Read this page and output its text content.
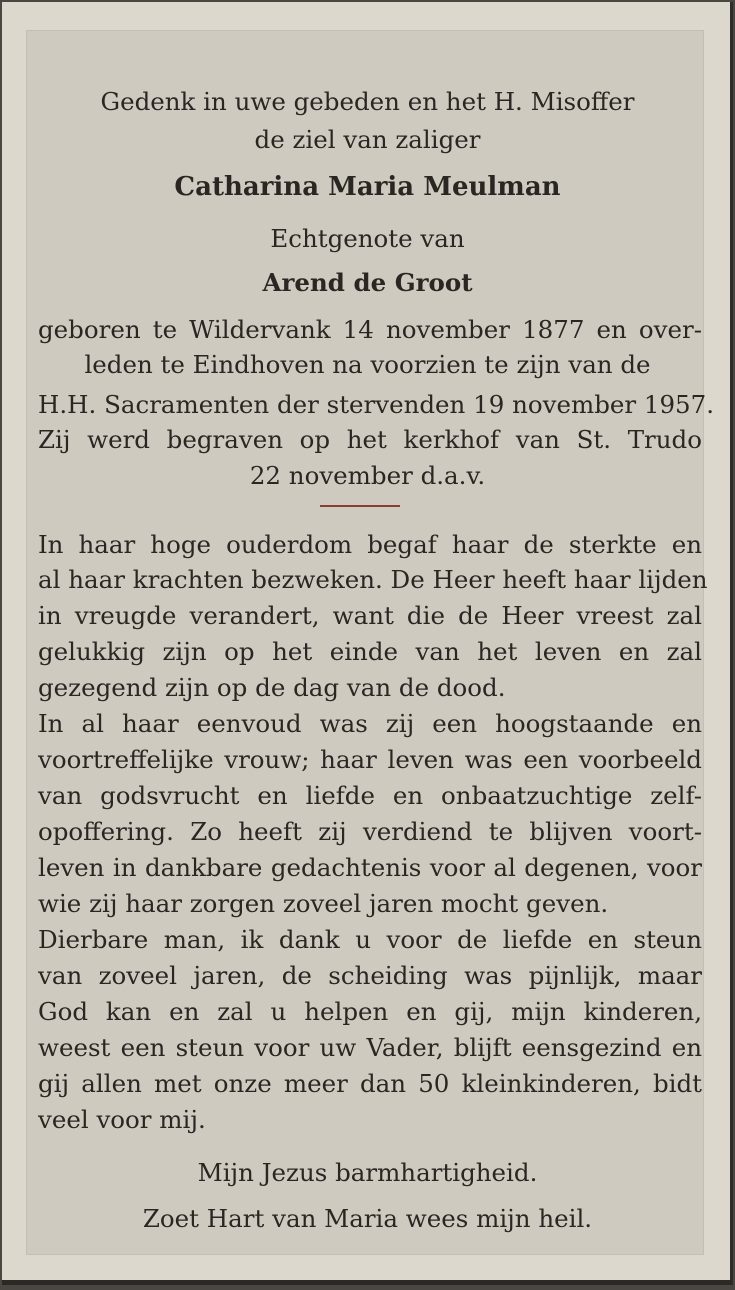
Gedenk in uwe gebeden en het H. Misoffer
de ziel van zaliger
Catharina Maria Meulman
Echtgenote van
Arend de Groot
geboren te Wildervank 14 november 1877 en over-
leden te Eindhoven na voorzien te zijn van de
H.H. Sacramenten der stervenden 19 november 1957.
Zij werd begraven op het kerkhof van St. Trudo
22 november d.a.v.
In haar hoge ouderdom begaf haar de sterkte en
al haar krachten bezweken. De Heer heeft haar lijden
in vreugde verandert, want die de Heer vreest zal
gelukkig zijn op het einde van het leven en zal
gezegend zijn op de dag van de dood.
In al haar eenvoud was zij een hoogstaande en
voortreffelijke vrouw; haar leven was een voorbeeld
van godsvrucht en liefde en onbaatzuchtige zelf-
opoffering. Zo heeft zij verdiend te blijven voort-
leven in dankbare gedachtenis voor al degenen, voor
wie zij haar zorgen zoveel jaren mocht geven.
Dierbare man, ik dank u voor de liefde en steun
van zoveel jaren, de scheiding was pijnlijk, maar
God kan en zal u helpen en gij, mijn kinderen,
weest een steun voor uw Vader, blijft eensgezind en
gij allen met onze meer dan 50 kleinkinderen, bidt
veel voor mij.
Mijn Jezus barmhartigheid.
Zoet Hart van Maria wees mijn heil.
